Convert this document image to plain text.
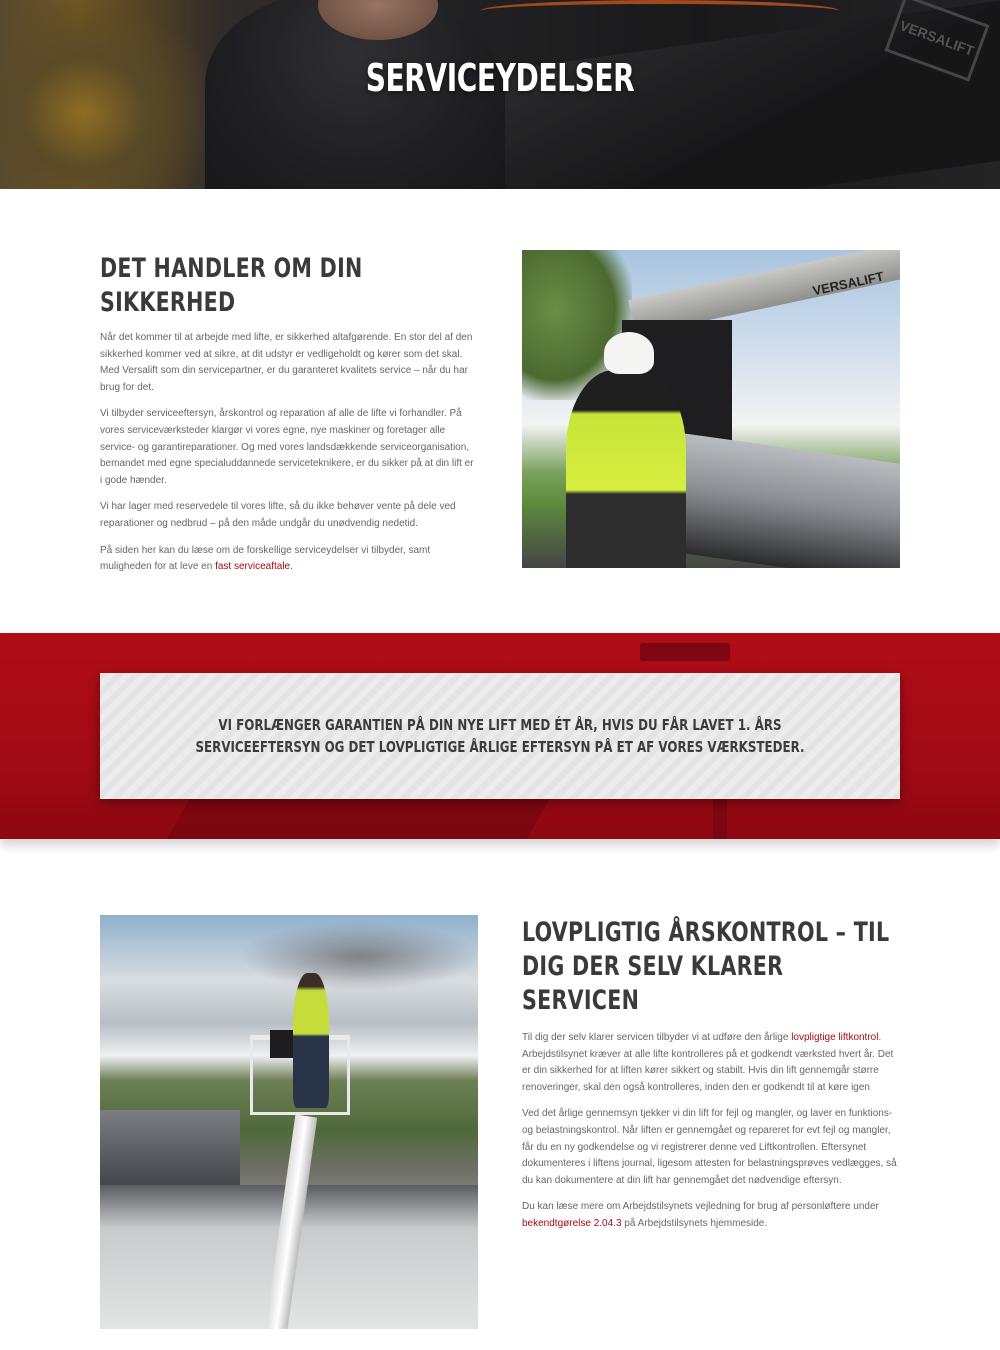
VERSALIFT
SERVICEYDELSER
DET HANDLER OM DIN SIKKERHED

Når det kommer til at arbejde med lifte, er sikkerhed altafgørende. En stor del af den sikkerhed kommer ved at sikre, at dit udstyr er vedligeholdt og kører som det skal. Med Versalift som din servicepartner, er du garanteret kvalitets service – når du har brug for det.

Vi tilbyder serviceeftersyn, årskontrol og reparation af alle de lifte vi forhandler. På vores serviceværksteder klargør vi vores egne, nye maskiner og foretager alle service- og garantireparationer. Og med vores landsdækkende serviceorganisation, bemandet med egne specialuddannede serviceteknikere, er du sikker på at din lift er i gode hænder.

Vi har lager med reservedele til vores lifte, så du ikke behøver vente på dele ved reparationer og nedbrud – på den måde undgår du unødvendig nedetid.

På siden her kan du læse om de forskellige serviceydelser vi tilbyder, samt muligheden for at leve en fast serviceaftale.

VERSALIFT
VI FORLÆNGER GARANTIEN PÅ DIN NYE LIFT MED ÉT ÅR, HVIS DU FÅR LAVET 1. ÅRS SERVICEEFTERSYN OG DET LOVPLIGTIGE ÅRLIGE EFTERSYN PÅ ET AF VORES VÆRKSTEDER.
LOVPLIGTIG ÅRSKONTROL – TIL DIG DER SELV KLARER SERVICEN

Til dig der selv klarer servicen tilbyder vi at udføre den årlige lovpligtige liftkontrol. Arbejdstilsynet kræver at alle lifte kontrolleres på et godkendt værksted hvert år. Det er din sikkerhed for at liften kører sikkert og stabilt. Hvis din lift gennemgår større renoveringer, skal den også kontrolleres, inden den er godkendt til at køre igen

Ved det årlige gennemsyn tjekker vi din lift for fejl og mangler, og laver en funktions- og belastningskontrol. Når liften er gennemgået og repareret for evt fejl og mangler, får du en ny godkendelse og vi registrerer denne ved Liftkontrollen. Eftersynet dokumenteres i liftens journal, ligesom attesten for belastningsprøves vedlægges, så du kan dokumentere at din lift har gennemgået det nødvendige eftersyn.

Du kan læse mere om Arbejdstilsynets vejledning for brug af personløftere under bekendtgørelse 2.04.3 på Arbejdstilsynets hjemmeside.
